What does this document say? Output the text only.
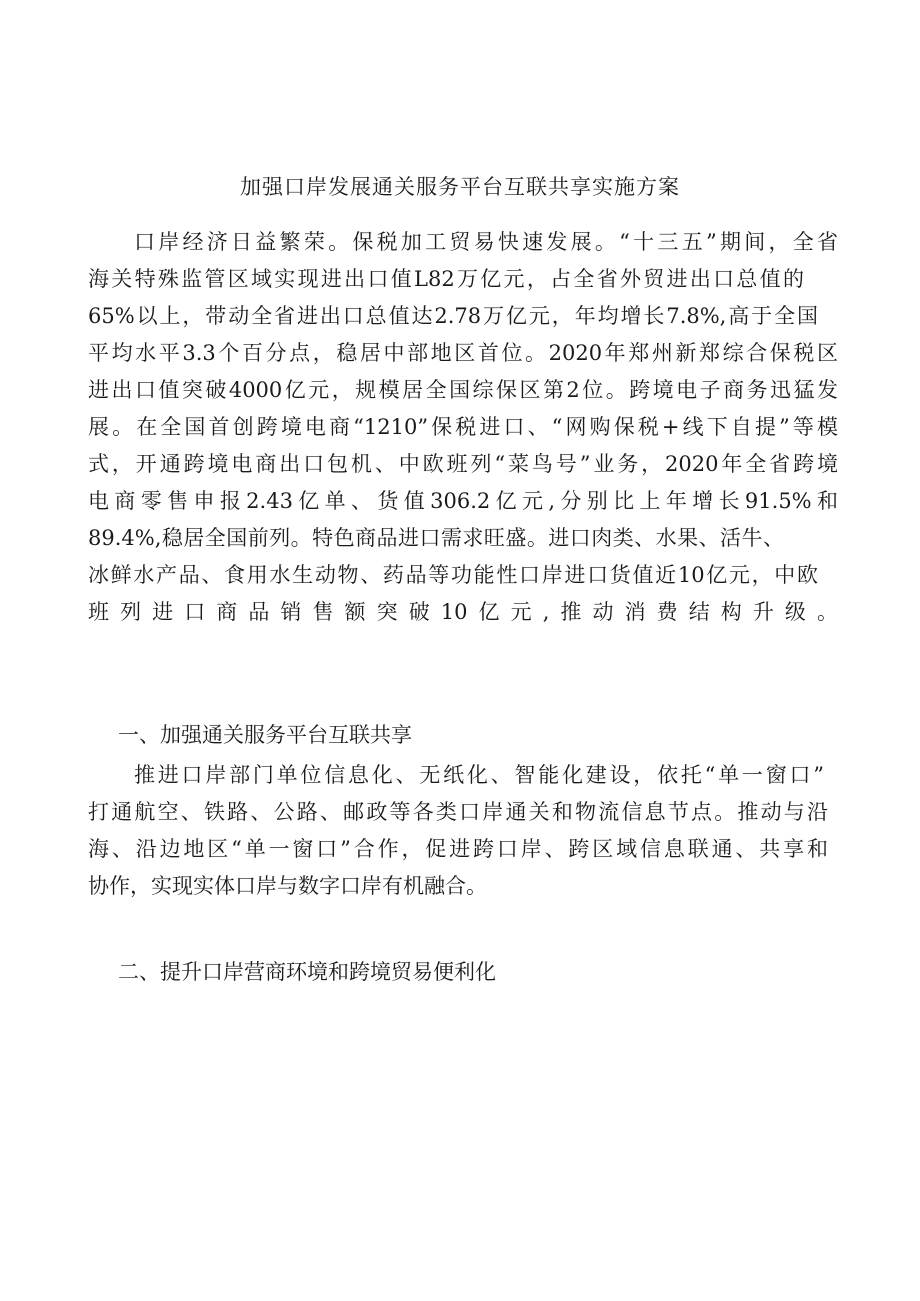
加强口岸发展通关服务平台互联共享实施方案

口岸经济日益繁荣。保税加工贸易快速发展。“十三五”期间，全省

海关特殊监管区域实现进出口值L82万亿元，占全省外贸进出口总值的

65%以上，带动全省进出口总值达2.78万亿元，年均增长7.8%,高于全国

平均水平3.3个百分点，稳居中部地区首位。2020年郑州新郑综合保税区

进出口值突破4000亿元，规模居全国综保区第2位。跨境电子商务迅猛发

展。在全国首创跨境电商“1210”保税进口、“网购保税+线下自提”等模

式，开通跨境电商出口包机、中欧班列“菜鸟号”业务，2020年全省跨境

电商零售申报2.43亿单、货值306.2亿元,分别比上年增长91.5%和

89.4%,稳居全国前列。特色商品进口需求旺盛。进口肉类、水果、活牛、

冰鲜水产品、食用水生动物、药品等功能性口岸进口货值近10亿元，中欧

班列进口商品销售额突破10亿元,推动消费结构升级。

一、加强通关服务平台互联共享

推进口岸部门单位信息化、无纸化、智能化建设，依托“单一窗口”

打通航空、铁路、公路、邮政等各类口岸通关和物流信息节点。推动与沿

海、沿边地区“单一窗口”合作，促进跨口岸、跨区域信息联通、共享和

协作，实现实体口岸与数字口岸有机融合。

二、提升口岸营商环境和跨境贸易便利化
